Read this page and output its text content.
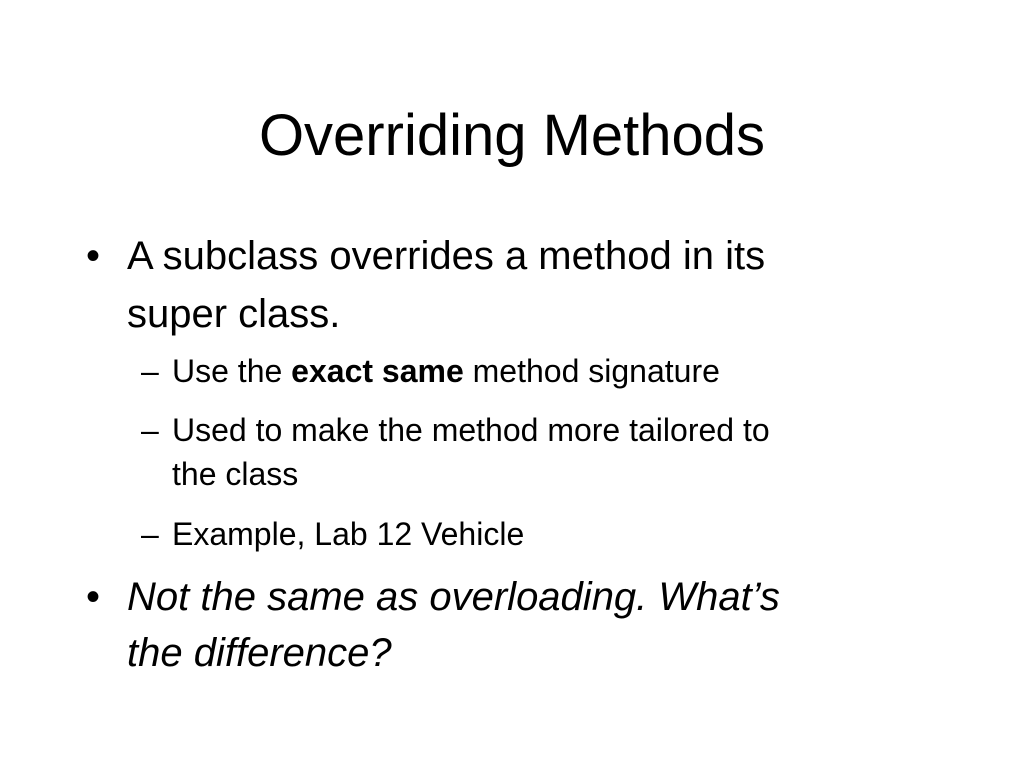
Overriding Methods
• A subclass overrides a method in its
super class.
– Use the exact same method signature
– Used to make the method more tailored to
the class
– Example, Lab 12 Vehicle
• Not the same as overloading. What’s
the difference?
